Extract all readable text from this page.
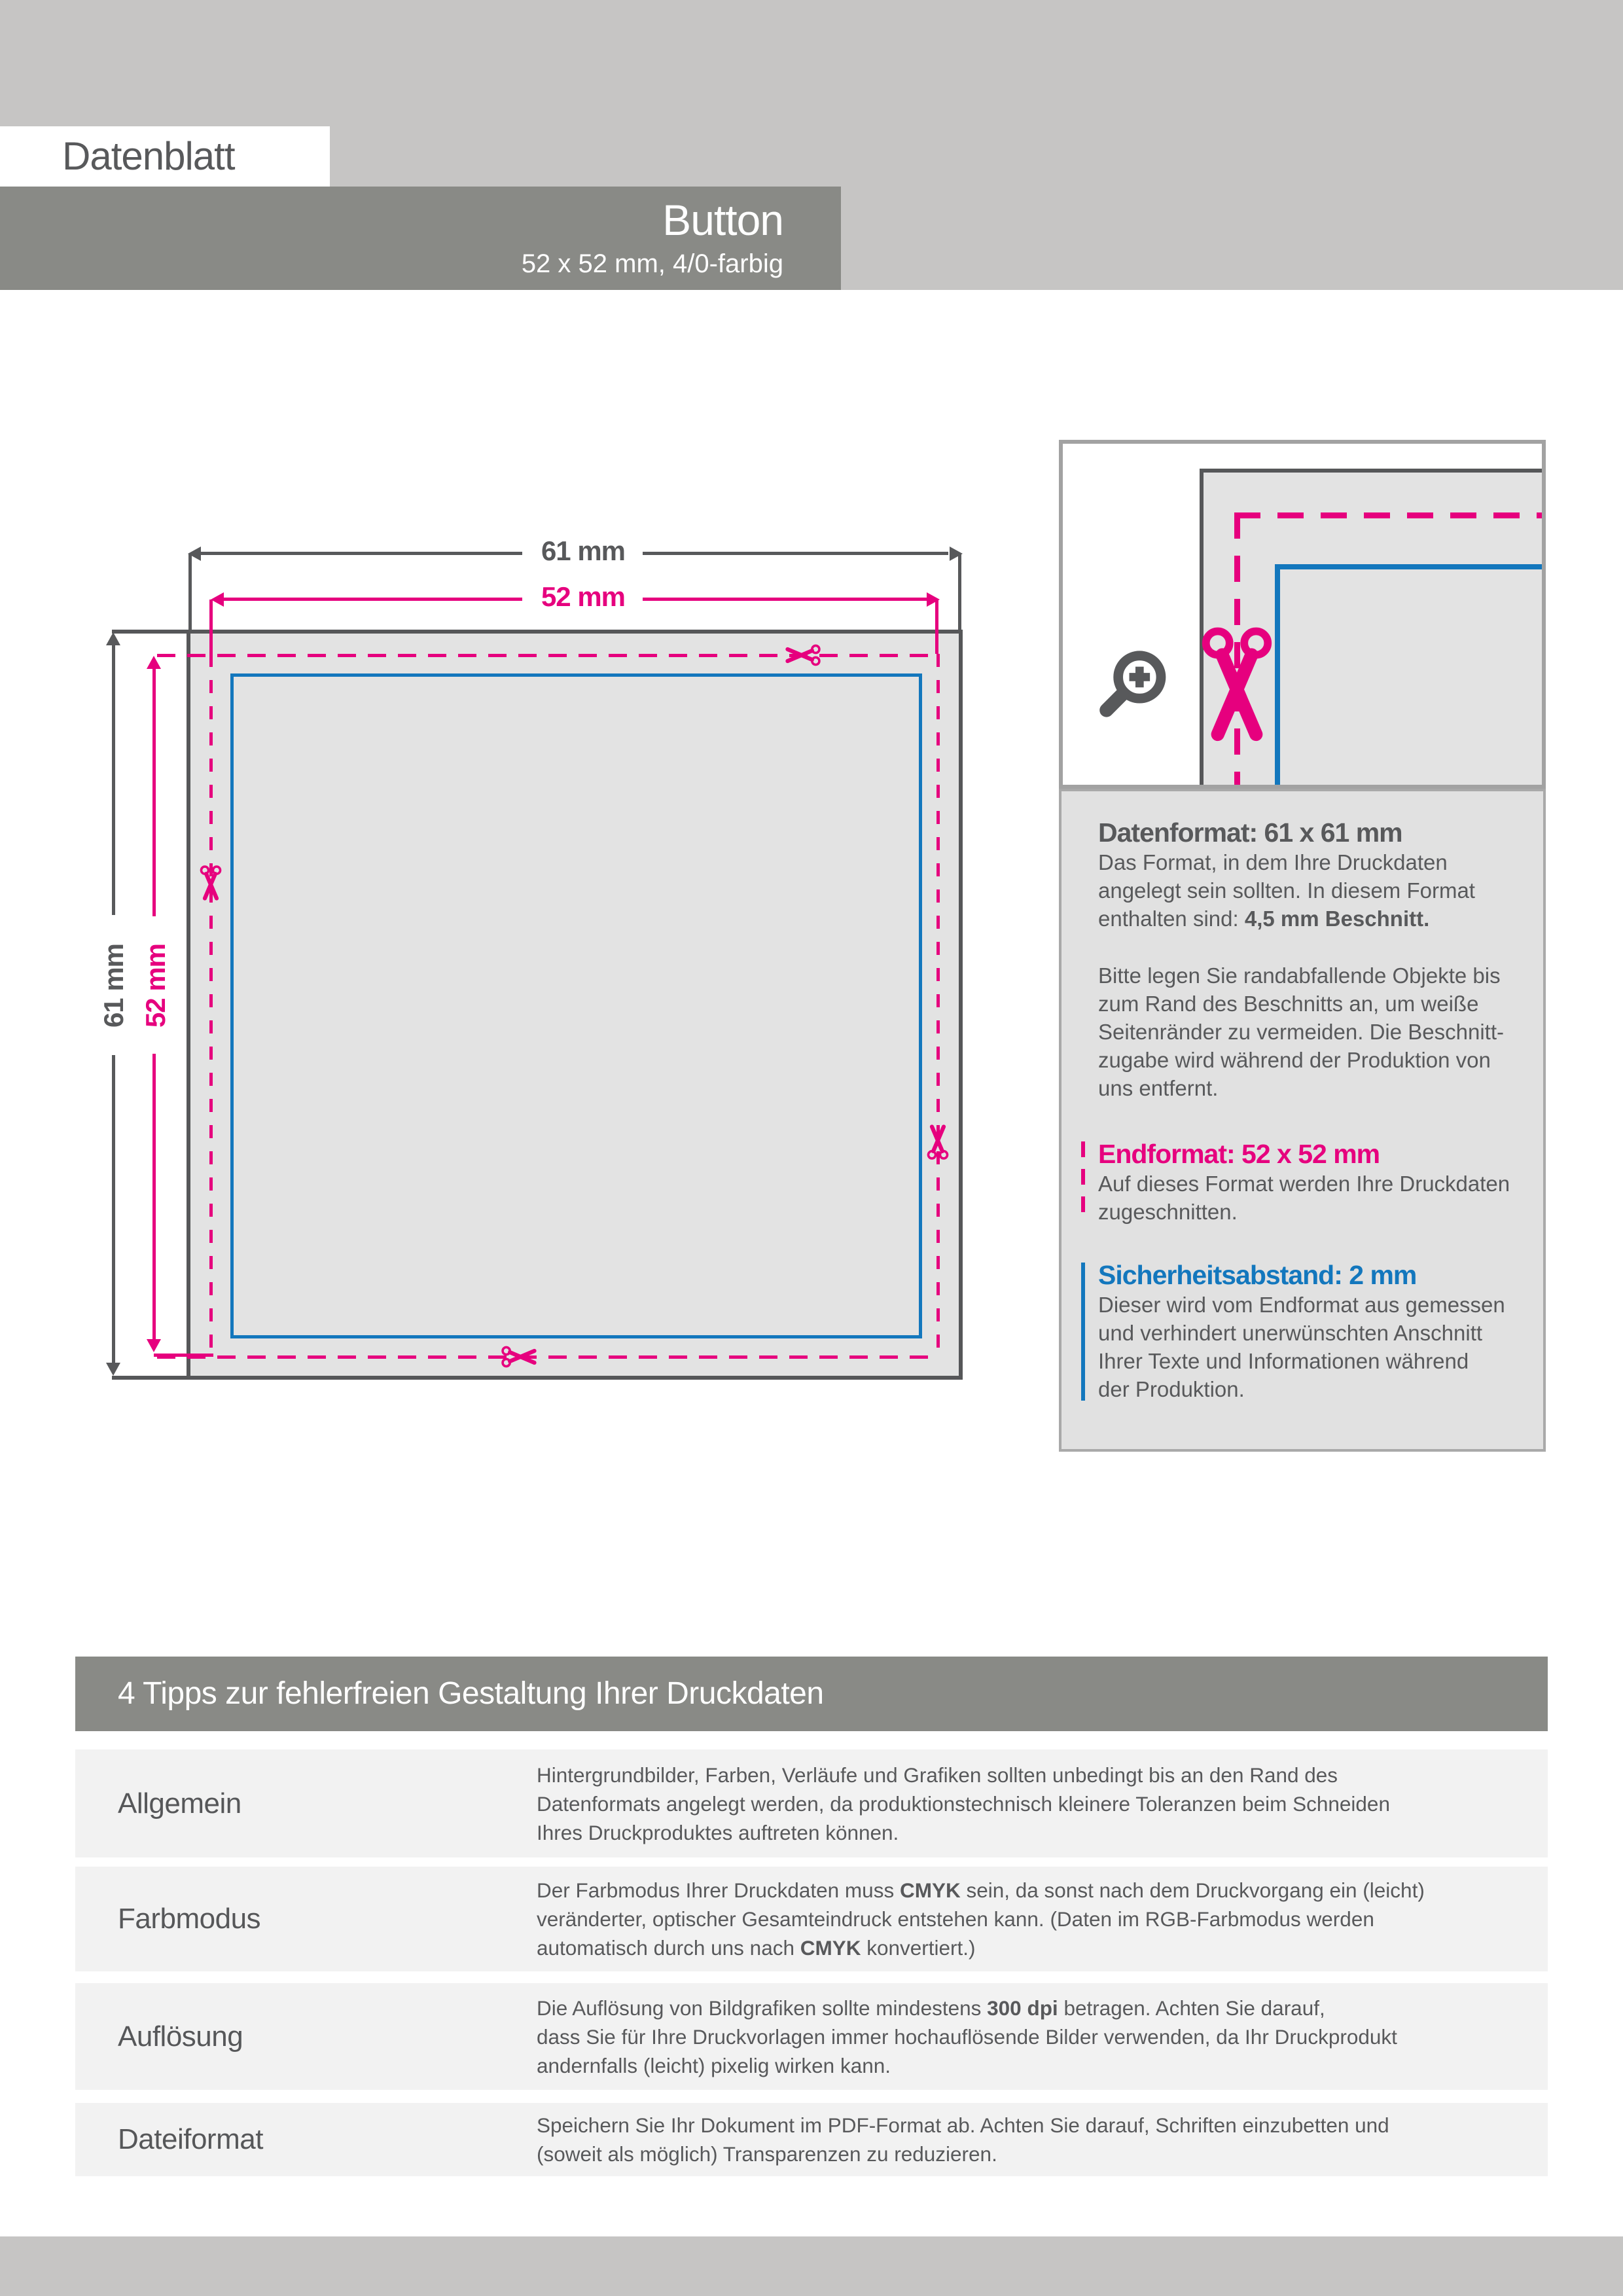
Datenblatt
Button
52 x 52 mm, 4/0-farbig
61 mm
52 mm
61 mm 52 mm
Datenformat: 61 x 61 mm
Das Format, in dem Ihre Druckdaten
angelegt sein sollten. In diesem Format
enthalten sind: 4,5 mm Beschnitt.
Bitte legen Sie randabfallende Objekte bis
zum Rand des Beschnitts an, um weiße
Seitenränder zu vermeiden. Die Beschnitt-
zugabe wird während der Produktion von
uns entfernt.
Endformat: 52 x 52 mm
Auf dieses Format werden Ihre Druckdaten
zugeschnitten.
Sicherheitsabstand: 2 mm
Dieser wird vom Endformat aus gemessen
und verhindert unerwünschten Anschnitt
Ihrer Texte und Informationen während
der Produktion.
4 Tipps zur fehlerfreien Gestaltung Ihrer Druckdaten
Allgemein
Hintergrundbilder, Farben, Verläufe und Grafiken sollten unbedingt bis an den Rand des
Datenformats angelegt werden, da produktionstechnisch kleinere Toleranzen beim Schneiden
Ihres Druckproduktes auftreten können.
Farbmodus
Der Farbmodus Ihrer Druckdaten muss CMYK sein, da sonst nach dem Druckvorgang ein (leicht)
veränderter, optischer Gesamteindruck entstehen kann. (Daten im RGB-Farbmodus werden
automatisch durch uns nach CMYK konvertiert.)
Auflösung
Die Auflösung von Bildgrafiken sollte mindestens 300 dpi betragen. Achten Sie darauf,
dass Sie für Ihre Druckvorlagen immer hochauflösende Bilder verwenden, da Ihr Druckprodukt
andernfalls (leicht) pixelig wirken kann.
Dateiformat	Speichern Sie Ihr Dokument im PDF-Format ab. Achten Sie darauf, Schriften einzubetten und
(soweit als möglich) Transparenzen zu reduzieren.
